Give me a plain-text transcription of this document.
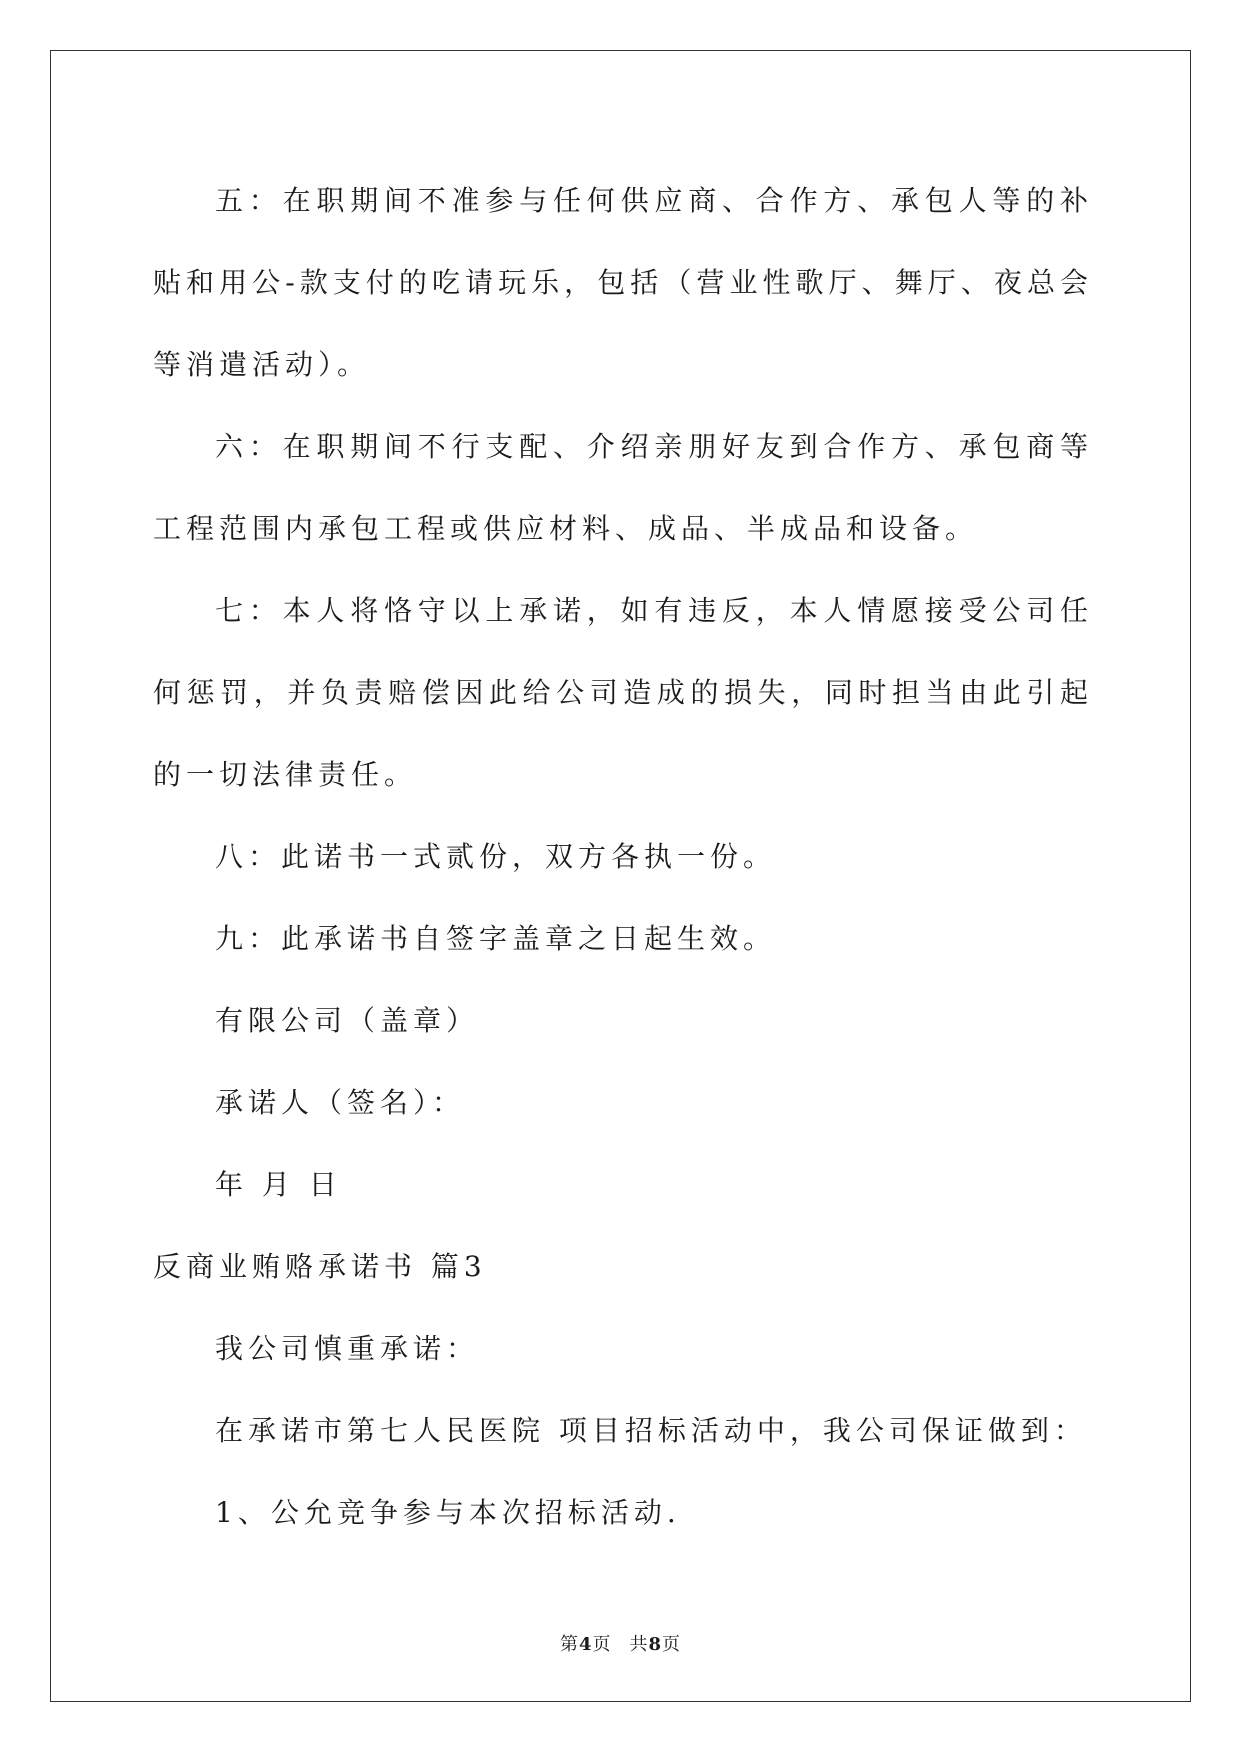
五：在职期间不准参与任何供应商、合作方、承包人等的补贴和用公-款支付的吃请玩乐，包括（营业性歌厅、舞厅、夜总会等消遣活动）。

六：在职期间不行支配、介绍亲朋好友到合作方、承包商等工程范围内承包工程或供应材料、成品、半成品和设备。

七：本人将恪守以上承诺，如有违反，本人情愿接受公司任何惩罚，并负责赔偿因此给公司造成的损失，同时担当由此引起的一切法律责任。

八：此诺书一式贰份，双方各执一份。

九：此承诺书自签字盖章之日起生效。

有限公司（盖章）

承诺人（签名）：

年 月 日

反商业贿赂承诺书 篇3

我公司慎重承诺：

在承诺市第七人民医院 项目招标活动中，我公司保证做到：

1、公允竞争参与本次招标活动.

第4页 共8页
